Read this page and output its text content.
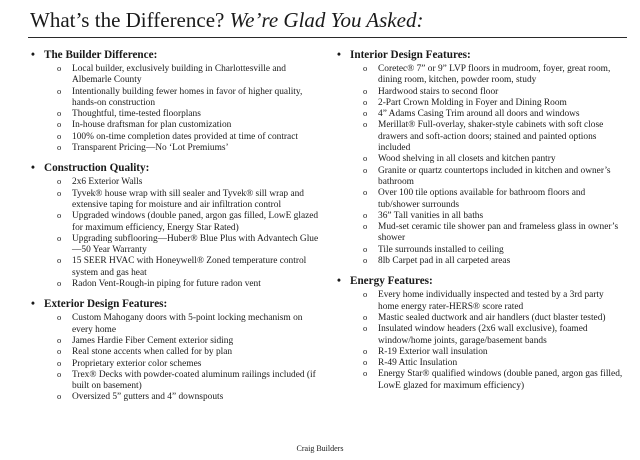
What’s the Difference? We’re Glad You Asked:
• The Builder Difference:
o Local builder, exclusively building in Charlottesville and Albemarle County
o Intentionally building fewer homes in favor of higher quality, hands-on construction
o Thoughtful, time-tested floorplans
o In-house draftsman for plan customization
o 100% on-time completion dates provided at time of contract
o Transparent Pricing—No ‘Lot Premiums’
• Construction Quality:
o 2x6 Exterior Walls
o Tyvek® house wrap with sill sealer and Tyvek® sill wrap and extensive taping for moisture and air infiltration control
o Upgraded windows (double paned, argon gas filled, LowE glazed for maximum efficiency, Energy Star Rated)
o Upgrading subflooring—Huber® Blue Plus with Advantech Glue—50 Year Warranty
o 15 SEER HVAC with Honeywell® Zoned temperature control system and gas heat
o Radon Vent-Rough-in piping for future radon vent
• Exterior Design Features:
o Custom Mahogany doors with 5-point locking mechanism on every home
o James Hardie Fiber Cement exterior siding
o Real stone accents when called for by plan
o Proprietary exterior color schemes
o Trex® Decks with powder-coated aluminum railings included (if built on basement)
o Oversized 5” gutters and 4” downspouts
• Interior Design Features:
o Coretec® 7” or 9” LVP floors in mudroom, foyer, great room, dining room, kitchen, powder room, study
o Hardwood stairs to second floor
o 2-Part Crown Molding in Foyer and Dining Room
o 4” Adams Casing Trim around all doors and windows
o Merillat® Full-overlay, shaker-style cabinets with soft close drawers and soft-action doors; stained and painted options included
o Wood shelving in all closets and kitchen pantry
o Granite or quartz countertops included in kitchen and owner’s bathroom
o Over 100 tile options available for bathroom floors and tub/shower surrounds
o 36” Tall vanities in all baths
o Mud-set ceramic tile shower pan and frameless glass in owner’s shower
o Tile surrounds installed to ceiling
o 8lb Carpet pad in all carpeted areas
• Energy Features:
o Every home individually inspected and tested by a 3rd party home energy rater-HERS® score rated
o Mastic sealed ductwork and air handlers (duct blaster tested)
o Insulated window headers (2x6 wall exclusive), foamed window/home joints, garage/basement bands
o R-19 Exterior wall insulation
o R-49 Attic Insulation
o Energy Star® qualified windows (double paned, argon gas filled, LowE glazed for maximum efficiency)
Craig Builders
